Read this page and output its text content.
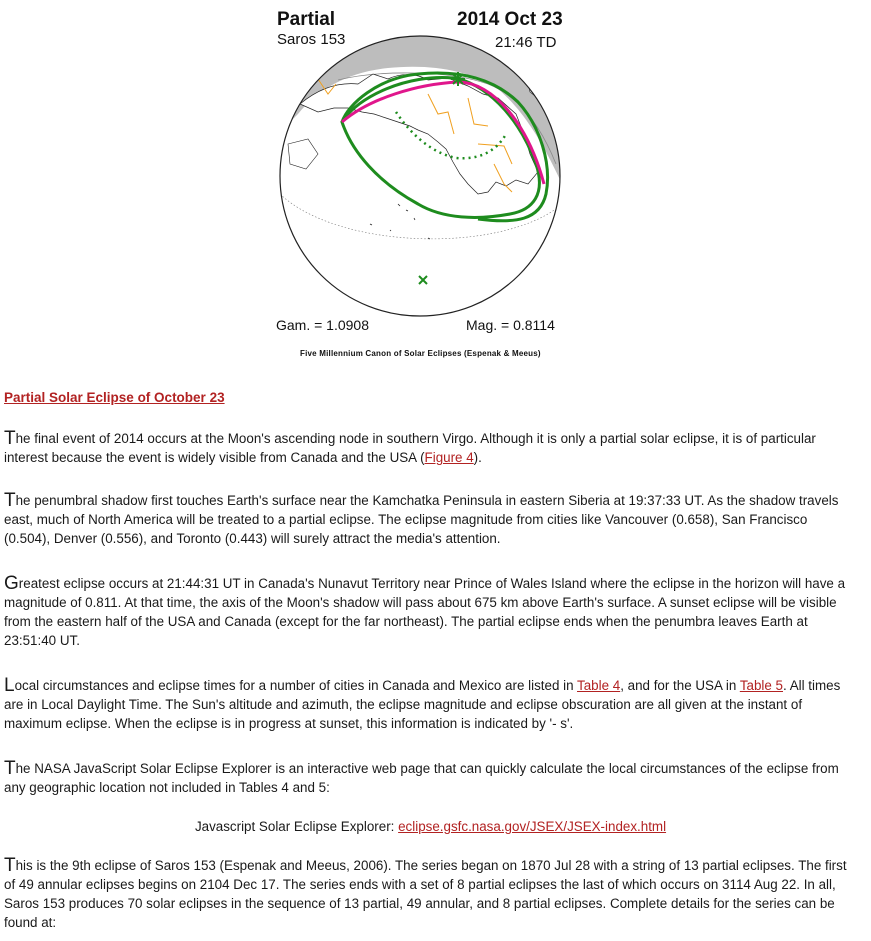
Partial
Saros 153
2014 Oct 23
21:46 TD
Gam. = 1.0908	Mag. = 0.8114
Five Millennium Canon of Solar Eclipses (Espenak & Meeus)
Partial Solar Eclipse of October 23

The final event of 2014 occurs at the Moon's ascending node in southern Virgo. Although it is only a partial solar eclipse, it is of particular interest because the event is widely visible from Canada and the USA (Figure 4).

The penumbral shadow first touches Earth's surface near the Kamchatka Peninsula in eastern Siberia at 19:37:33 UT. As the shadow travels east, much of North America will be treated to a partial eclipse. The eclipse magnitude from cities like Vancouver (0.658), San Francisco (0.504), Denver (0.556), and Toronto (0.443) will surely attract the media's attention.

Greatest eclipse occurs at 21:44:31 UT in Canada's Nunavut Territory near Prince of Wales Island where the eclipse in the horizon will have a magnitude of 0.811. At that time, the axis of the Moon's shadow will pass about 675 km above Earth's surface. A sunset eclipse will be visible from the eastern half of the USA and Canada (except for the far northeast). The partial eclipse ends when the penumbra leaves Earth at 23:51:40 UT.

Local circumstances and eclipse times for a number of cities in Canada and Mexico are listed in Table 4, and for the USA in Table 5. All times are in Local Daylight Time. The Sun's altitude and azimuth, the eclipse magnitude and eclipse obscuration are all given at the instant of maximum eclipse. When the eclipse is in progress at sunset, this information is indicated by '- s'.

The NASA JavaScript Solar Eclipse Explorer is an interactive web page that can quickly calculate the local circumstances of the eclipse from any geographic location not included in Tables 4 and 5:

Javascript Solar Eclipse Explorer: eclipse.gsfc.nasa.gov/JSEX/JSEX-index.html

This is the 9th eclipse of Saros 153 (Espenak and Meeus, 2006). The series began on 1870 Jul 28 with a string of 13 partial eclipses. The first of 49 annular eclipses begins on 2104 Dec 17. The series ends with a set of 8 partial eclipses the last of which occurs on 3114 Aug 22. In all, Saros 153 produces 70 solar eclipses in the sequence of 13 partial, 49 annular, and 8 partial eclipses. Complete details for the series can be found at:
